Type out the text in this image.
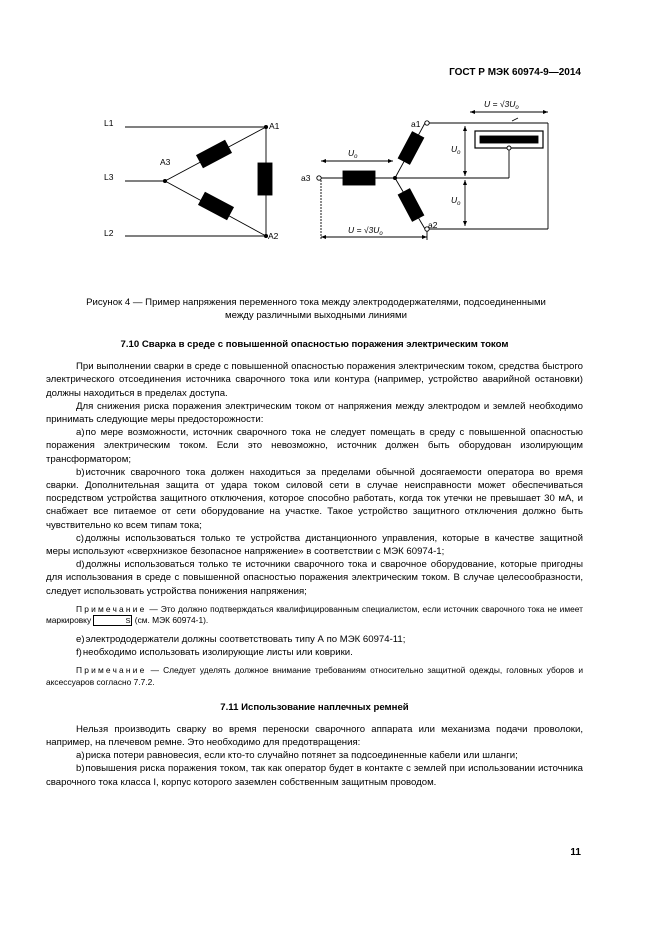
ГОСТ Р МЭК 60974-9—2014
L1
L3
L2
A1
A2
A3
a1
a2
a3
$U = √3U_o$
$U = √3U_o$
$U_o$
$U_o$
$U_o$
Рисунок 4 — Пример напряжения переменного тока между электрододержателями, подсоединенными
между различными выходными линиями
7.10 Сварка в среде с повышенной опасностью поражения электрическим током

При выполнении сварки в среде с повышенной опасностью поражения электрическим током, средства быстрого электрического отсоединения источника сварочного тока или контура (например, устройство аварийной остановки) должны находиться в пределах доступа.

Для снижения риска поражения электрическим током от напряжения между электродом и землей необходимо принимать следующие меры предосторожности:

a)по мере возможности, источник сварочного тока не следует помещать в среду с повышенной опасностью поражения электрическим током. Если это невозможно, источник должен быть оборудован изолирующим трансформатором;

b)источник сварочного тока должен находиться за пределами обычной досягаемости оператора во время сварки. Дополнительная защита от удара током силовой сети в случае неисправности может обеспечиваться посредством устройства защитного отключения, которое способно работать, когда ток утечки не превышает 30 мА, и снабжает все питаемое от сети оборудование на участке. Такое устройство защитного отключения должно быть чувствительно ко всем типам тока;

c)должны использоваться только те устройства дистанционного управления, которые в качестве защитной меры используют «сверхнизкое безопасное напряжение» в соответствии с МЭК 60974-1;

d)должны использоваться только те источники сварочного тока и сварочное оборудование, которые пригодны для использования в среде с повышенной опасностью поражения электрическим током. В случае целесообразности, следует использовать устройства понижения напряжения;

Примечание — Это должно подтверждаться квалифицированным специалистом, если источник сварочного тока не имеет маркировку	S (см. МЭК 60974-1).

e)электрододержатели должны соответствовать типу А по МЭК 60974-11;

f)необходимо использовать изолирующие листы или коврики.

Примечание — Следует уделять должное внимание требованиям относительно защитной одежды, головных уборов и аксессуаров согласно 7.7.2.

7.11 Использование наплечных ремней

Нельзя производить сварку во время переноски сварочного аппарата или механизма подачи проволоки, например, на плечевом ремне. Это необходимо для предотвращения:

a)риска потери равновесия, если кто-то случайно потянет за подсоединенные кабели или шланги;

b)повышения риска поражения током, так как оператор будет в контакте с землей при использовании источника сварочного тока класса I, корпус которого заземлен собственным защитным проводом.

11
